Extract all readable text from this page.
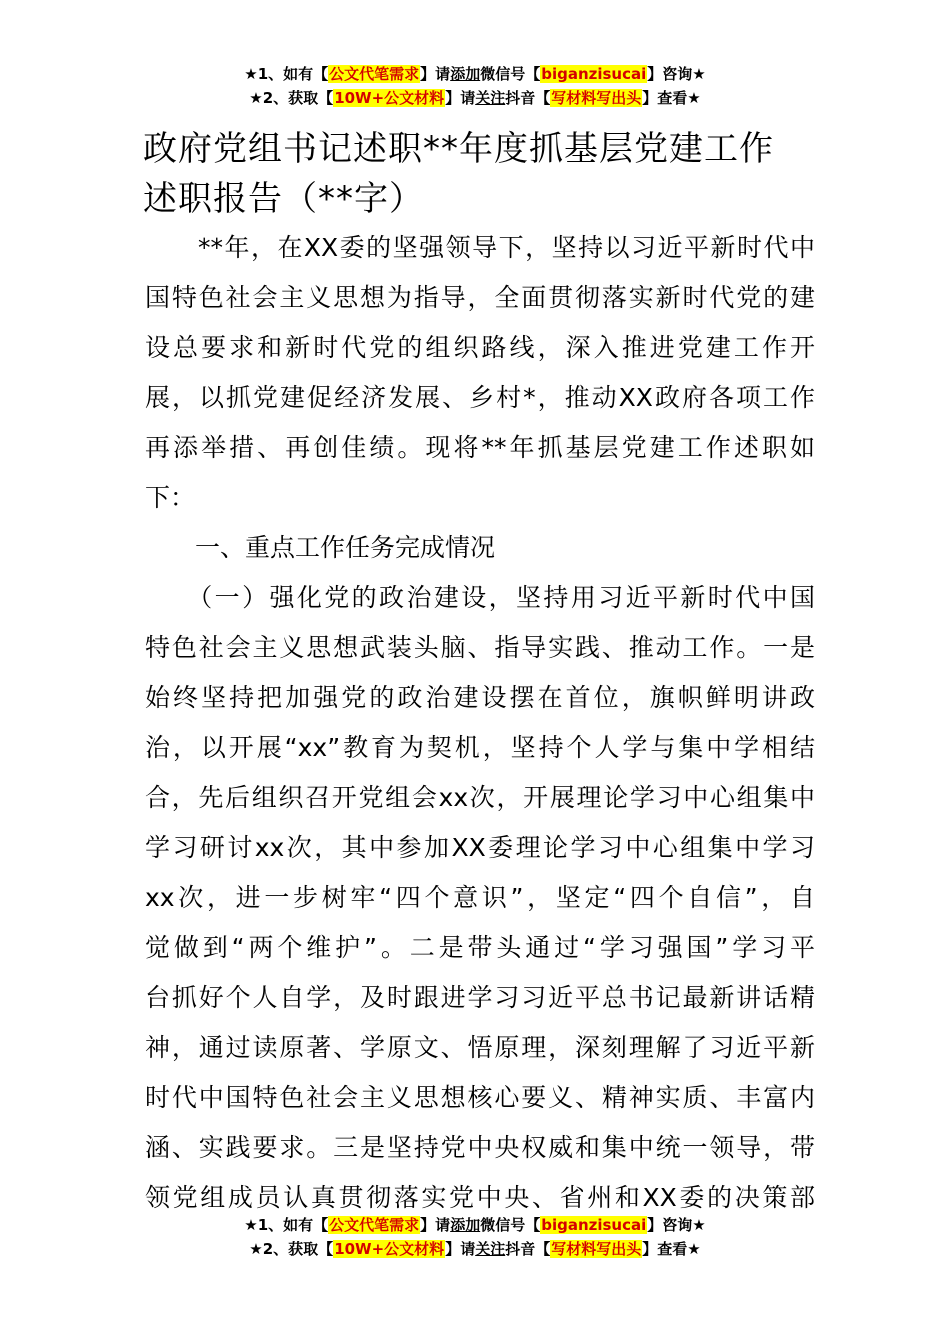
★1、如有【公文代笔需求】请添加微信号【biganzisucai】咨询★
★2、获取【10W+公文材料】请关注抖音【写材料写出头】查看★
政府党组书记述职**年度抓基层党建工作
述职报告（**字）
　　**年，在XX委的坚强领导下，坚持以习近平新时代中
国特色社会主义思想为指导，全面贯彻落实新时代党的建
设总要求和新时代党的组织路线，深入推进党建工作开
展，以抓党建促经济发展、乡村*，推动XX政府各项工作
再添举措、再创佳绩。现将**年抓基层党建工作述职如
下：
　　一、重点工作任务完成情况
　　（一）强化党的政治建设，坚持用习近平新时代中国
特色社会主义思想武装头脑、指导实践、推动工作。一是
始终坚持把加强党的政治建设摆在首位，旗帜鲜明讲政
治，以开展“xx”教育为契机，坚持个人学与集中学相结
合，先后组织召开党组会xx次，开展理论学习中心组集中
学习研讨xx次，其中参加XX委理论学习中心组集中学习
xx次，进一步树牢“四个意识”，坚定“四个自信”，自
觉做到“两个维护”。二是带头通过“学习强国”学习平
台抓好个人自学，及时跟进学习习近平总书记最新讲话精
神，通过读原著、学原文、悟原理，深刻理解了习近平新
时代中国特色社会主义思想核心要义、精神实质、丰富内
涵、实践要求。三是坚持党中央权威和集中统一领导，带
领党组成员认真贯彻落实党中央、省州和XX委的决策部
★1、如有【公文代笔需求】请添加微信号【biganzisucai】咨询★
★2、获取【10W+公文材料】请关注抖音【写材料写出头】查看★
